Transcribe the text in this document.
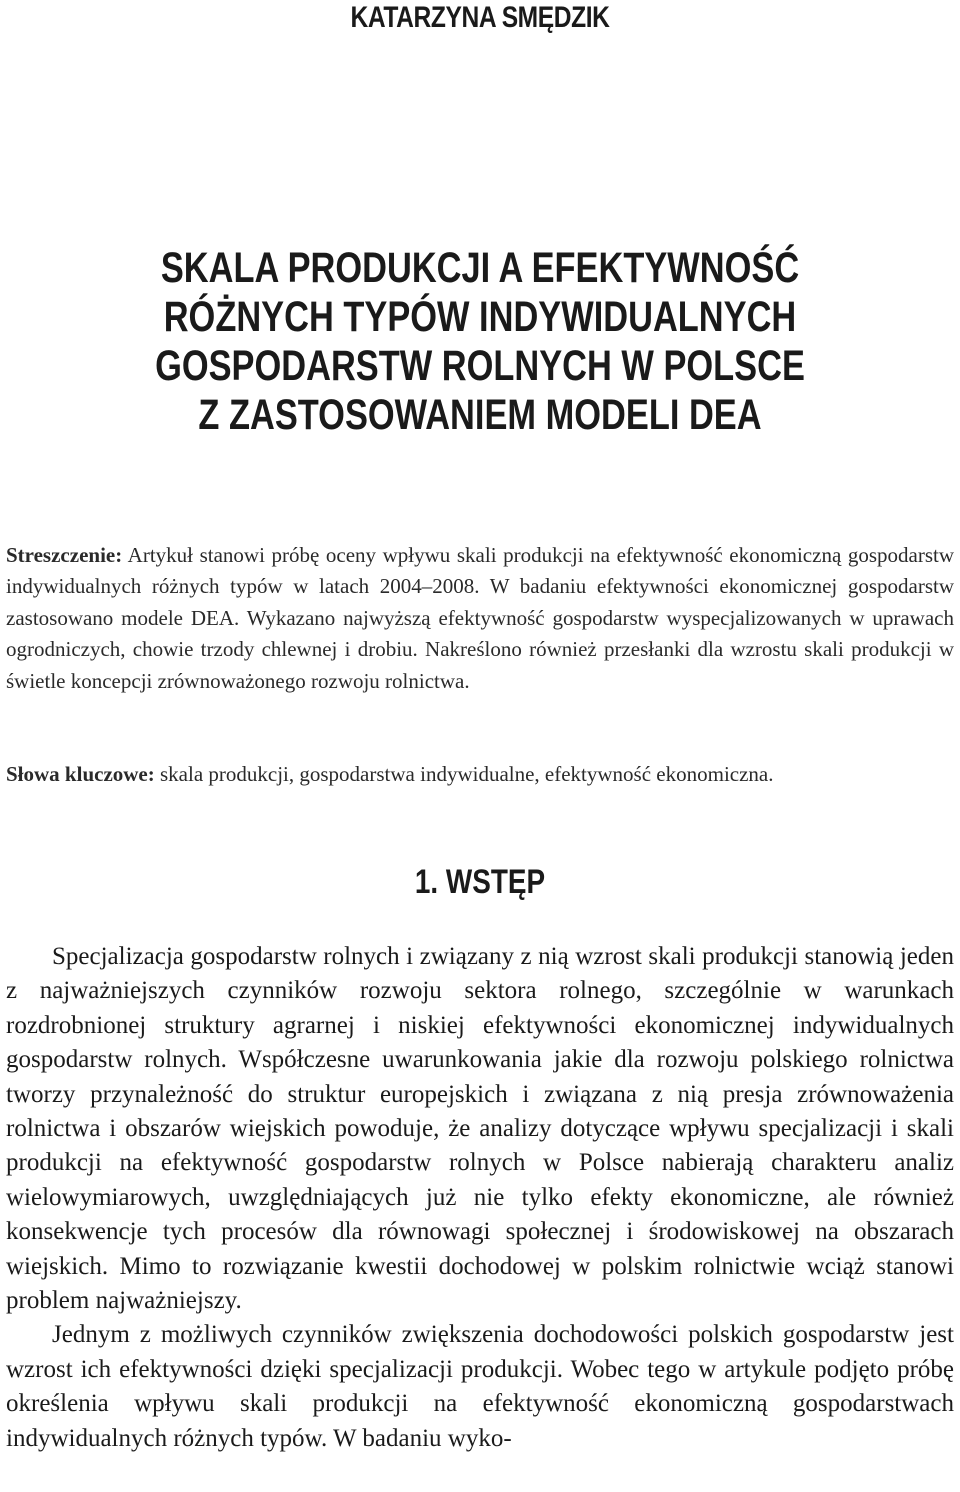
KATARZYNA SMĘDZIK
SKALA PRODUKCJI A EFEKTYWNOŚĆ
RÓŻNYCH TYPÓW INDYWIDUALNYCH
GOSPODARSTW ROLNYCH W POLSCE
Z ZASTOSOWANIEM MODELI DEA
Streszczenie: Artykuł stanowi próbę oceny wpływu skali produkcji na efektywność ekonomiczną gospodarstw indywidualnych różnych typów w latach 2004–2008. W badaniu efektywności ekonomicznej gospodarstw zastosowano modele DEA. Wykazano najwyższą efektywność gospodarstw wyspecjalizowanych w uprawach ogrodniczych, chowie trzody chlewnej i drobiu. Nakreślono również przesłanki dla wzrostu skali produkcji w świetle koncepcji zrównoważonego rozwoju rolnictwa.
Słowa kluczowe: skala produkcji, gospodarstwa indywidualne, efektywność ekonomiczna.
1. WSTĘP

Specjalizacja gospodarstw rolnych i związany z nią wzrost skali produkcji stanowią jeden z najważniejszych czynników rozwoju sektora rolnego, szczególnie w warunkach rozdrobnionej struktury agrarnej i niskiej efektywności ekonomicznej indywidualnych gospodarstw rolnych. Współczesne uwarunkowania jakie dla rozwoju polskiego rolnictwa tworzy przynależność do struktur europejskich i związana z nią presja zrównoważenia rolnictwa i obszarów wiejskich powoduje, że analizy dotyczące wpływu specjalizacji i skali produkcji na efektywność gospodarstw rolnych w Polsce nabierają charakteru analiz wielowymiarowych, uwzględniających już nie tylko efekty ekonomiczne, ale również konsekwencje tych procesów dla równowagi społecznej i środowiskowej na obszarach wiejskich. Mimo to rozwiązanie kwestii dochodowej w polskim rolnictwie wciąż stanowi problem najważniejszy.

Jednym z możliwych czynników zwiększenia dochodowości polskich gospodarstw jest wzrost ich efektywności dzięki specjalizacji produkcji. Wobec tego w artykule podjęto próbę określenia wpływu skali produkcji na efektywność ekonomiczną gospodarstwach indywidualnych różnych typów. W badaniu wyko-
